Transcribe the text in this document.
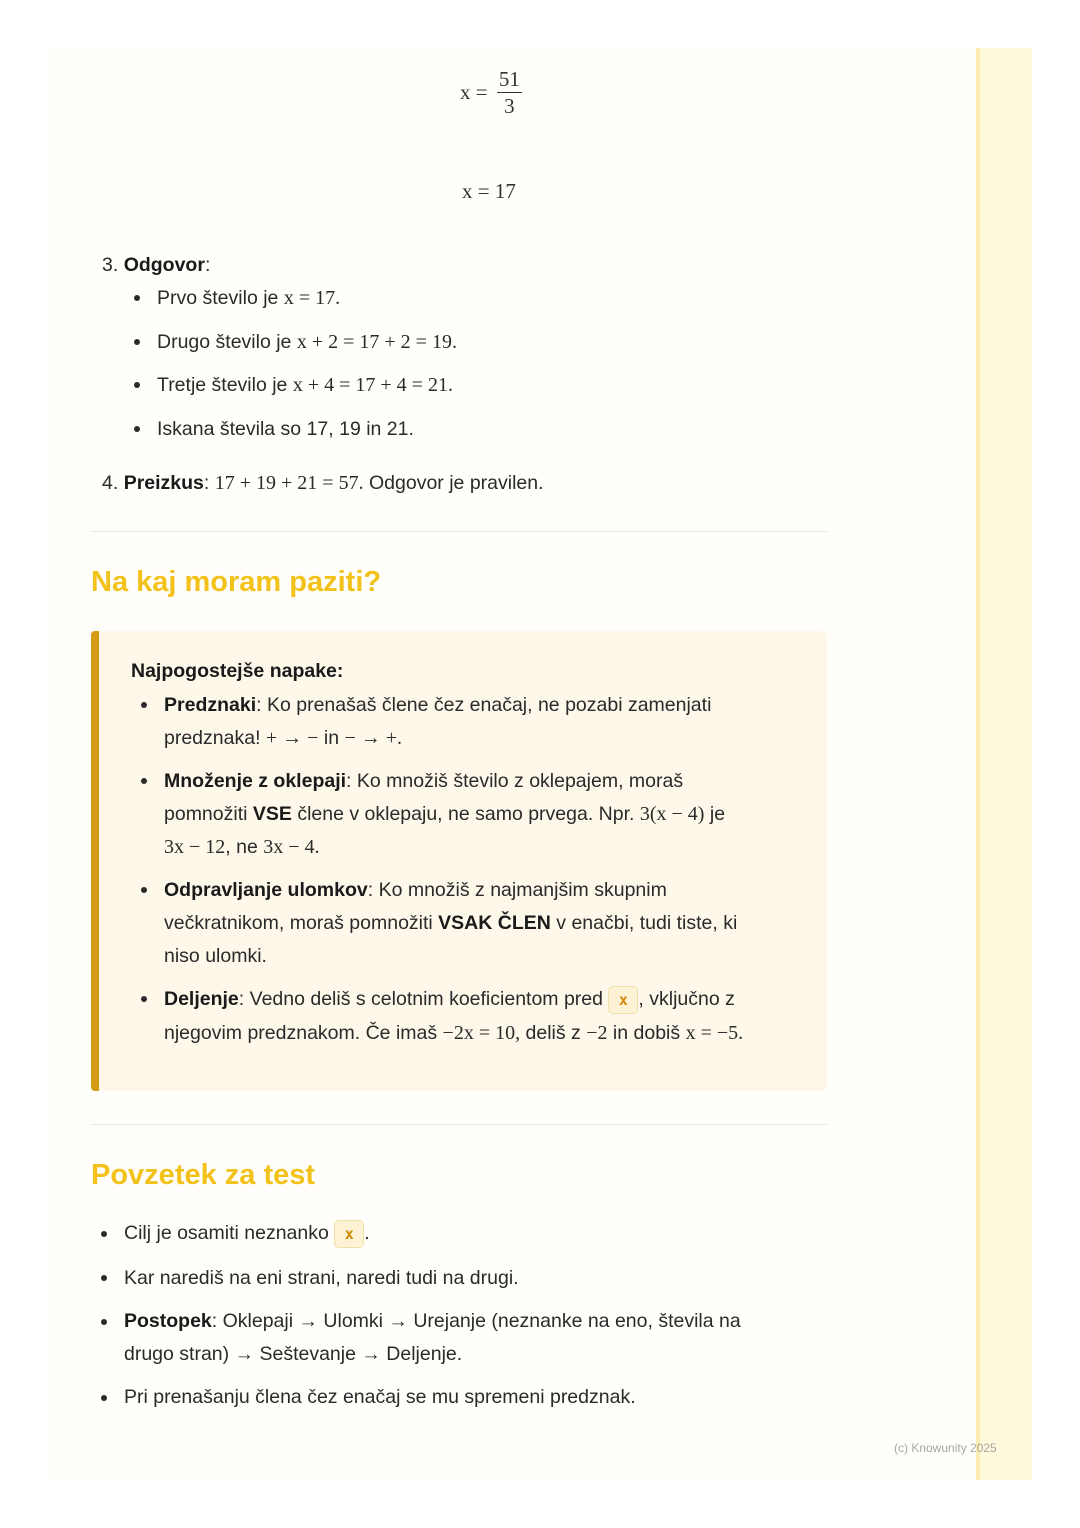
$x = \frac{51}{3}$
x = 17
3. Odgovor:
Prvo število je x = 17.
Drugo število je x + 2 = 17 + 2 = 19.
Tretje število je x + 4 = 17 + 4 = 21.
Iskana števila so 17, 19 in 21.
4. Preizkus: 17 + 19 + 21 = 57. Odgovor je pravilen.
Na kaj moram paziti?
Najpogostejše napake:
Predznaki: Ko prenašaš člene čez enačaj, ne pozabi zamenjati
predznaka! + → − in − → +.
Množenje z oklepaji: Ko množiš število z oklepajem, moraš
pomnožiti VSE člene v oklepaju, ne samo prvega. Npr. 3(x − 4) je
3x − 12, ne 3x − 4.
Odpravljanje ulomkov: Ko množiš z najmanjšim skupnim
večkratnikom, moraš pomnožiti VSAK ČLEN v enačbi, tudi tiste, ki
niso ulomki.
Deljenje: Vedno deliš s celotnim koeficientom pred x , vključno z
njegovim predznakom. Če imaš −2x = 10, deliš z −2 in dobiš x = −5.
Povzetek za test
Cilj je osamiti neznanko x .
Kar narediš na eni strani, naredi tudi na drugi.
Postopek: Oklepaji → Ulomki → Urejanje (neznanke na eno, števila na
drugo stran) → Seštevanje → Deljenje.
Pri prenašanju člena čez enačaj se mu spremeni predznak.
(c) Knowunity 2025
